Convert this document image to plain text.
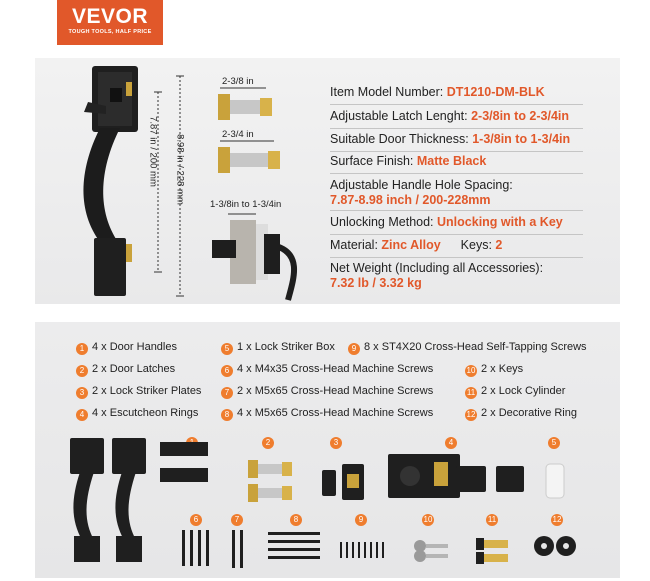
VEVOR
TOUGH TOOLS, HALF PRICE
7.87 in / 200 mm 8.98 in / 228 mm
2-3/8 in
2-3/4 in
1-3/8in to 1-3/4in
Item Model Number: DT1210-DM-BLK
Adjustable Latch Lenght: 2-3/8in to 2-3/4in
Suitable Door Thickness: 1-3/8in to 1-3/4in
Surface Finish: Matte Black
Adjustable Handle Hole Spacing:
7.87-8.98 inch / 200-228mm
Unlocking Method: Unlocking with a Key
Material: Zinc Alloy Keys: 2
Net Weight (Including all Accessories):
7.32 lb / 3.32 kg
1 4 x Door Handles
2 2 x Door Latches
3 2 x Lock Striker Plates
4 4 x Escutcheon Rings
5 1 x Lock Striker Box
6 4 x M4x35 Cross-Head Machine Screws
7 2 x M5x65 Cross-Head Machine Screws
8 4 x M5x65 Cross-Head Machine Screws
9 8 x ST4X20 Cross-Head Self-Tapping Screws
10 2 x Keys
11 2 x Lock Cylinder
12 2 x Decorative Ring
2	3	4	5
6	7	8	9	10	11	12
